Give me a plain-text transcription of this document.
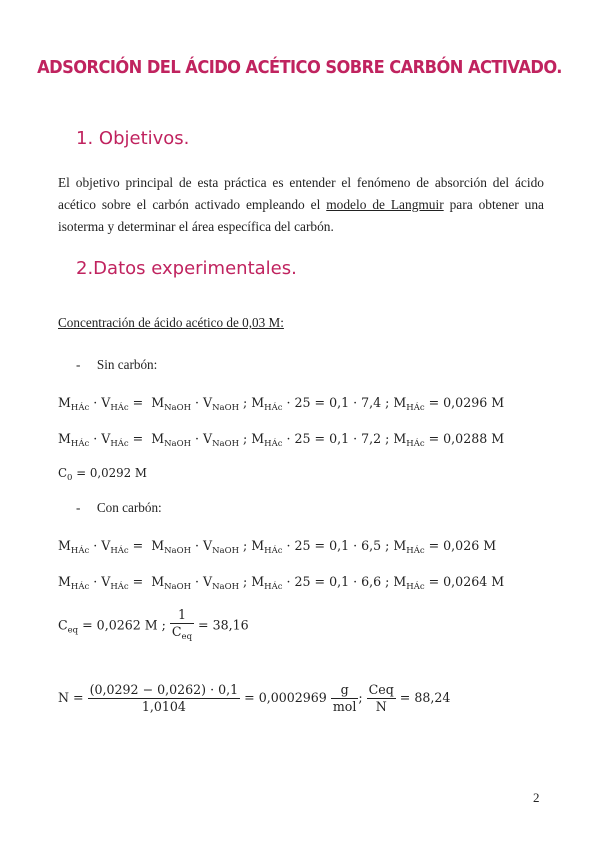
ADSORCIÓN DEL ÁCIDO ACÉTICO SOBRE CARBÓN ACTIVADO.
1. Objetivos.
El objetivo principal de esta práctica es entender el fenómeno de absorción del ácido acético sobre el carbón activado empleando el modelo de Langmuir para obtener una isoterma y determinar el área específica del carbón.
2.Datos experimentales.
Concentración de ácido acético de 0,03 M:
-     Sin carbón:
$M_{HÁc} \cdot V_{HÁc} = M_{NaOH} \cdot V_{NaOH}$ ; $M_{HÁc} \cdot 25 = 0,1 \cdot 7,4$ ; $M_{HÁc} = 0,0296$ M
$M_{HÁc} \cdot V_{HÁc} = M_{NaOH} \cdot V_{NaOH}$ ; $M_{HÁc} \cdot 25 = 0,1 \cdot 7,2$ ; $M_{HÁc} = 0,0288$ M
$C_0 = 0,0292$ M
-     Con carbón:
$M_{HÁc} \cdot V_{HÁc} = M_{NaOH} \cdot V_{NaOH}$ ; $M_{HÁc} \cdot 25 = 0,1 \cdot 6,5$ ; $M_{HÁc} = 0,026$ M
$M_{HÁc} \cdot V_{HÁc} = M_{NaOH} \cdot V_{NaOH}$ ; $M_{HÁc} \cdot 25 = 0,1 \cdot 6,6$ ; $M_{HÁc} = 0,0264$ M
$C_{eq} = 0,0262$ M ; $\frac{1}{C_{eq}} = 38,16$
$N = \frac{(0,0292 - 0,0262) \cdot 0,1}{1,0104} = 0,0002969 \frac{g}{\text{mol}}$ ; $\frac{\text{Ceq}}{N} = 88,24$
2
